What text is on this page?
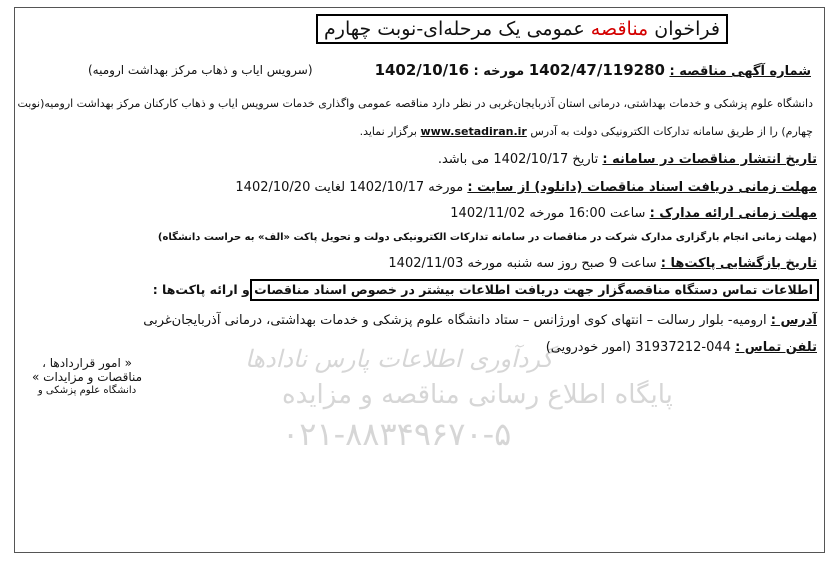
گردآوری اطلاعات پارس نادادها
پایگاه اطلاع رسانی مناقصه و مزایده
۰۲۱-۸۸۳۴۹۶۷۰-۵
فراخوان مناقصه عمومی یک مرحله‌ای-نوبت چهارم
شماره آگهی مناقصه : 1402/47/119280 مورخه : 1402/10/16
(سرویس ایاب و ذهاب مرکز بهداشت ارومیه)
دانشگاه علوم پزشکی و خدمات بهداشتی، درمانی استان آذربایجان‌غربی در نظر دارد مناقصه عمومی واگذاری خدمات سرویس ایاب و ذهاب کارکنان مرکز بهداشت ارومیه(نوبت
چهارم) را از طریق سامانه تدارکات الکترونیکی دولت به آدرس www.setadiran.ir برگزار نماید.
تاریخ انتشار مناقصات در سامانه : تاریخ 1402/10/17 می باشد.
مهلت زمانی دریافت اسناد مناقصات (دانلود) از سایت : مورخه 1402/10/17 لغایت 1402/10/20
مهلت زمانی ارائه مدارک : ساعت 16:00 مورخه 1402/11/02
(مهلت زمانی انجام بارگزاری مدارک شرکت در مناقصات در سامانه تدارکات الکترونیکی دولت و تحویل پاکت «الف» به حراست دانشگاه)
تاریخ بازگشایی پاکت‌ها : ساعت 9 صبح روز سه شنبه مورخه 1402/11/03
اطلاعات تماس دستگاه مناقصه‌گزار جهت دریافت اطلاعات بیشتر در خصوص اسناد مناقصات و ارائه پاکت‌ها :
آدرس : ارومیه- بلوار رسالت – انتهای کوی اورژانس – ستاد دانشگاه علوم پزشکی و خدمات بهداشتی، درمانی آذربایجان‌غربی
تلفن تماس : 044-31937212 (امور خودرویی)
« امور قراردادها ،
مناقصات و مزایدات »
دانشگاه علوم پزشکی و
